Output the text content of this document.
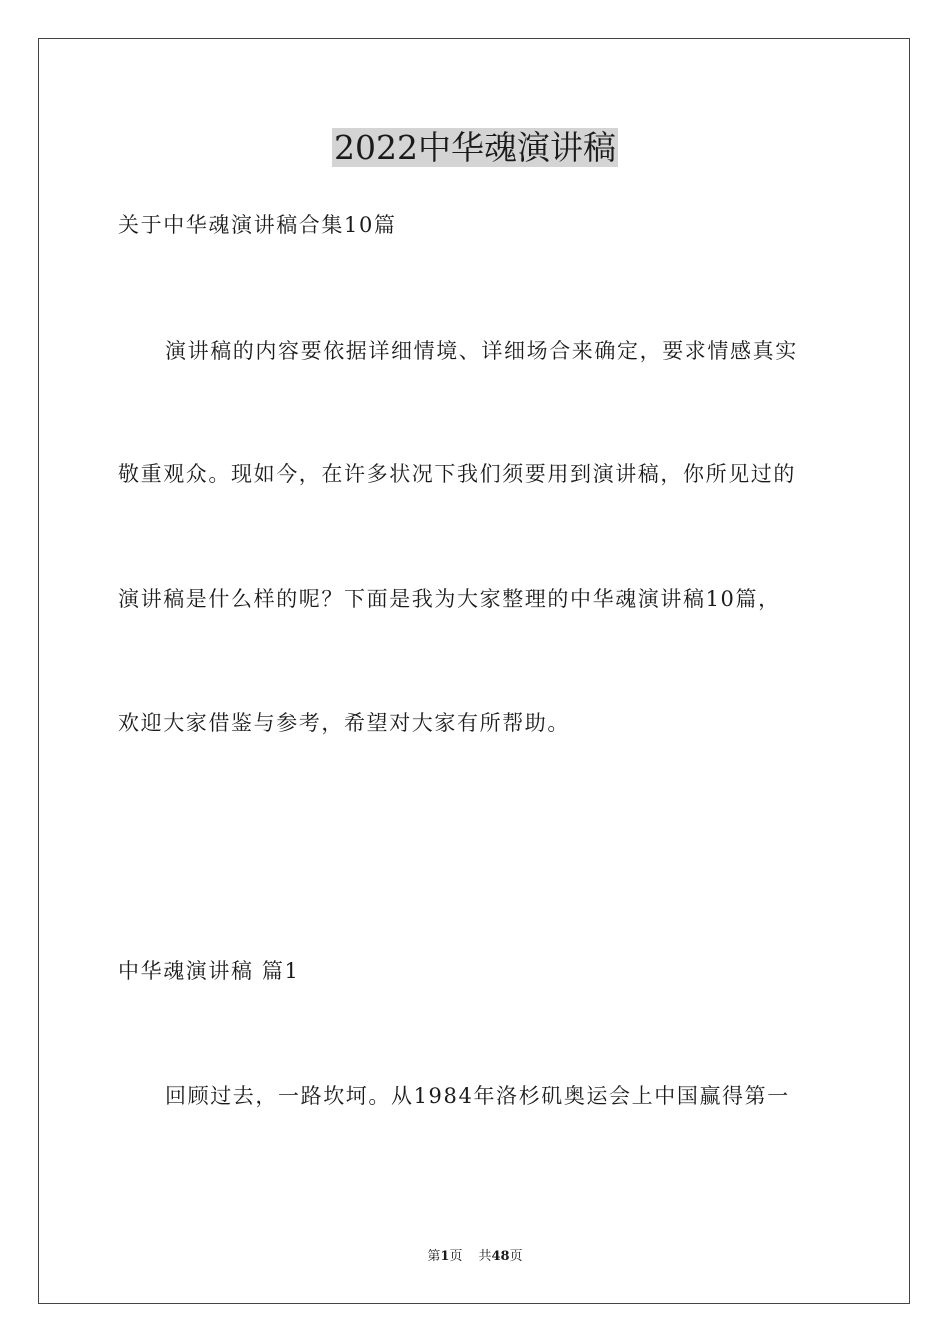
2022中华魂演讲稿

关于中华魂演讲稿合集10篇

演讲稿的内容要依据详细情境、详细场合来确定，要求情感真实

敬重观众。现如今，在许多状况下我们须要用到演讲稿，你所见过的

演讲稿是什么样的呢？下面是我为大家整理的中华魂演讲稿10篇，

欢迎大家借鉴与参考，希望对大家有所帮助。

中华魂演讲稿 篇1

回顾过去，一路坎坷。从1984年洛杉矶奥运会上中国赢得第一

第1页 共48页
